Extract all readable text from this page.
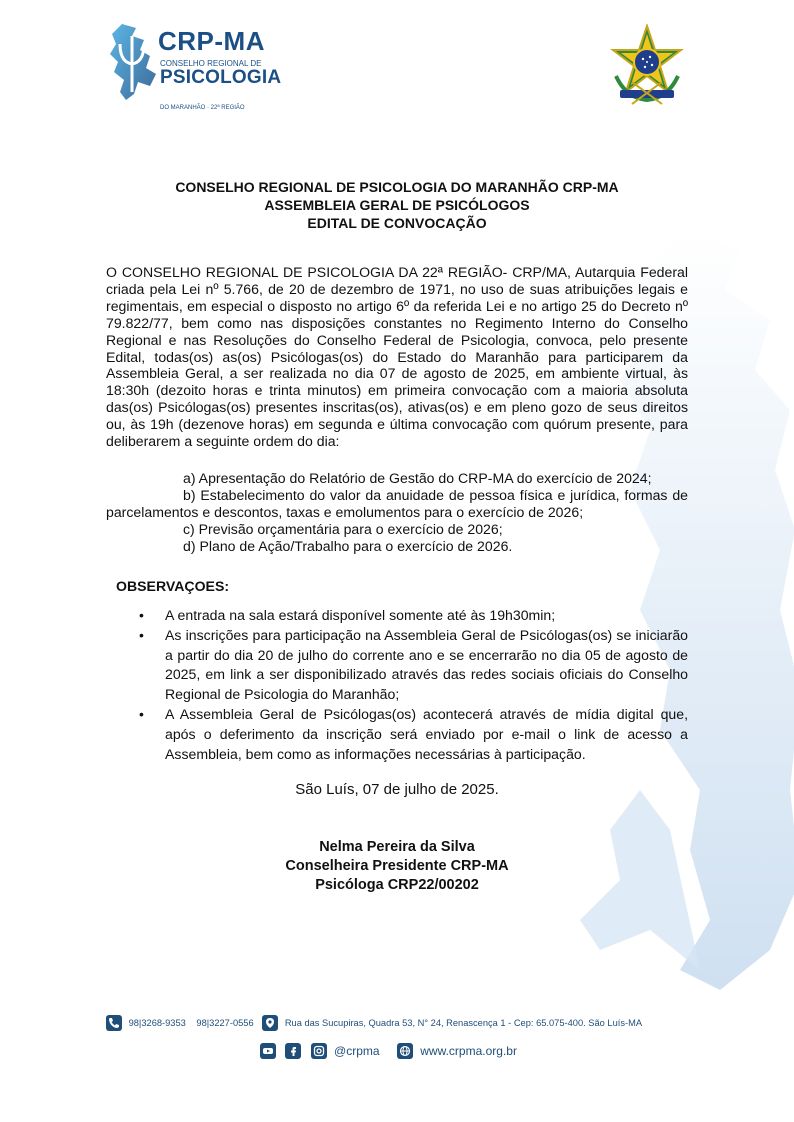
CRP-MA
CONSELHO REGIONAL DE
PSICOLOGIA
DO MARANHÃO · 22ª REGIÃO
CONSELHO REGIONAL DE PSICOLOGIA DO MARANHÃO CRP-MA
ASSEMBLEIA GERAL DE PSICÓLOGOS
EDITAL DE CONVOCAÇÃO
O CONSELHO REGIONAL DE PSICOLOGIA DA 22ª REGIÃO- CRP/MA, Autarquia Federal criada pela Lei nº 5.766, de 20 de dezembro de 1971, no uso de suas atribuições legais e regimentais, em especial o disposto no artigo 6º da referida Lei e no artigo 25 do Decreto nº 79.822/77, bem como nas disposições constantes no Regimento Interno do Conselho Regional e nas Resoluções do Conselho Federal de Psicologia, convoca, pelo presente Edital, todas(os) as(os) Psicólogas(os) do Estado do Maranhão para participarem da Assembleia Geral, a ser realizada no dia 07 de agosto de 2025, em ambiente virtual, às 18:30h (dezoito horas e trinta minutos) em primeira convocação com a maioria absoluta das(os) Psicólogas(os) presentes inscritas(os), ativas(os) e em pleno gozo de seus direitos ou, às 19h (dezenove horas) em segunda e última convocação com quórum presente, para deliberarem a seguinte ordem do dia:
a) Apresentação do Relatório de Gestão do CRP-MA do exercício de 2024;
b) Estabelecimento do valor da anuidade de pessoa física e jurídica, formas de parcelamentos e descontos, taxas e emolumentos para o exercício de 2026;
c) Previsão orçamentária para o exercício de 2026;
d) Plano de Ação/Trabalho para o exercício de 2026.
OBSERVAÇOES:
• A entrada na sala estará disponível somente até às 19h30min;
• As inscrições para participação na Assembleia Geral de Psicólogas(os) se iniciarão a partir do dia 20 de julho do corrente ano e se encerrarão no dia 05 de agosto de 2025, em link a ser disponibilizado através das redes sociais oficiais do Conselho Regional de Psicologia do Maranhão;
• A Assembleia Geral de Psicólogas(os) acontecerá através de mídia digital que, após o deferimento da inscrição será enviado por e-mail o link de acesso a Assembleia, bem como as informações necessárias à participação.
São Luís, 07 de julho de 2025.
Nelma Pereira da Silva
Conselheira Presidente CRP-MA
Psicóloga CRP22/00202
98|3268-9353 98|3227-0556	Rua das Sucupiras, Quadra 53, N° 24, Renascença 1 - Cep: 65.075-400. São Luís-MA

@crpma	www.crpma.org.br
